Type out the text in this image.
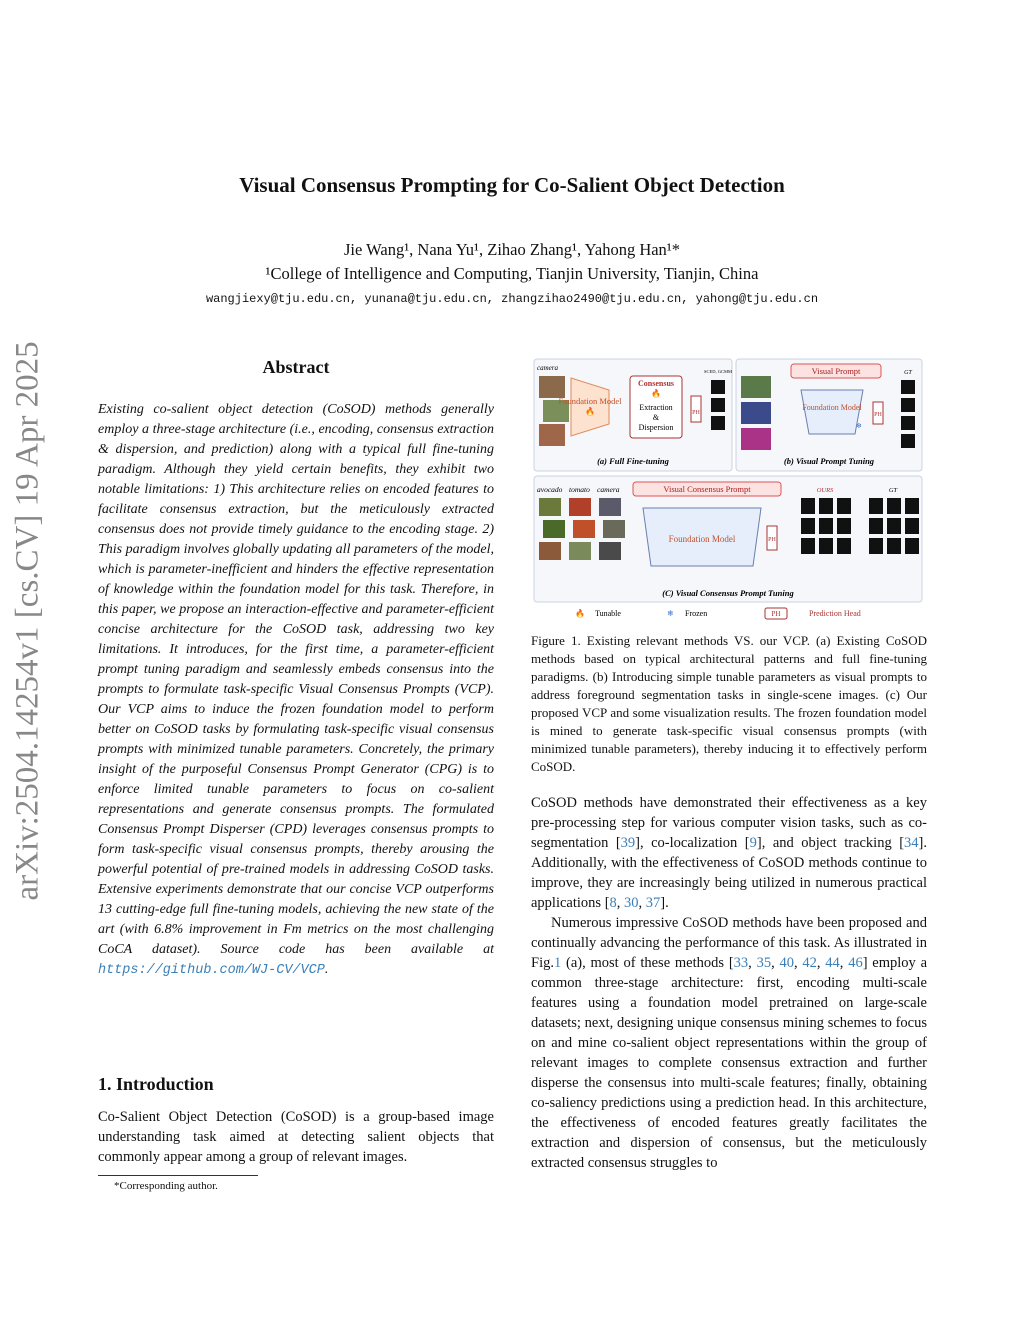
arXiv:2504.14254v1 [cs.CV] 19 Apr 2025
Visual Consensus Prompting for Co-Salient Object Detection
Jie Wang¹, Nana Yu¹, Zihao Zhang¹, Yahong Han¹*
¹College of Intelligence and Computing, Tianjin University, Tianjin, China
wangjiexy@tju.edu.cn, yunana@tju.edu.cn, zhangzihao2490@tju.edu.cn, yahong@tju.edu.cn
Abstract
Existing co-salient object detection (CoSOD) methods generally employ a three-stage architecture (i.e., encoding, consensus extraction & dispersion, and prediction) along with a typical full fine-tuning paradigm. Although they yield certain benefits, they exhibit two notable limitations: 1) This architecture relies on encoded features to facilitate consensus extraction, but the meticulously extracted consensus does not provide timely guidance to the encoding stage. 2) This paradigm involves globally updating all parameters of the model, which is parameter-inefficient and hinders the effective representation of knowledge within the foundation model for this task. Therefore, in this paper, we propose an interaction-effective and parameter-efficient concise architecture for the CoSOD task, addressing two key limitations. It introduces, for the first time, a parameter-efficient prompt tuning paradigm and seamlessly embeds consensus into the prompts to formulate task-specific Visual Consensus Prompts (VCP). Our VCP aims to induce the frozen foundation model to perform better on CoSOD tasks by formulating task-specific visual consensus prompts with minimized tunable parameters. Concretely, the primary insight of the purposeful Consensus Prompt Generator (CPG) is to enforce limited tunable parameters to focus on co-salient representations and generate consensus prompts. The formulated Consensus Prompt Disperser (CPD) leverages consensus prompts to form task-specific visual consensus prompts, thereby arousing the powerful potential of pre-trained models in addressing CoSOD tasks. Extensive experiments demonstrate that our concise VCP outperforms 13 cutting-edge full fine-tuning models, achieving the new state of the art (with 6.8% improvement in Fm metrics on the most challenging CoCA dataset). Source code has been available at https://github.com/WJ-CV/VCP.
1. Introduction
Co-Salient Object Detection (CoSOD) is a group-based image understanding task aimed at detecting salient objects that commonly appear among a group of relevant images.
*Corresponding author.
camera
Foundation Model
🔥
Consensus
🔥
Extraction
&
Dispersion
PH
SCED, GCMM
(a) Full Fine-tuning
Visual Prompt
Foundation Model
❄
PH
GT
(b) Visual Prompt Tuning
avocado tomato camera	Visual Consensus Prompt
Foundation Model	PH
OURS	GT
(C) Visual Consensus Prompt Tuning
🔥 Tunable	❄ Frozen	PH	Prediction Head
Figure 1. Existing relevant methods VS. our VCP. (a) Existing CoSOD methods based on typical architectural patterns and full fine-tuning paradigms. (b) Introducing simple tunable parameters as visual prompts to address foreground segmentation tasks in single-scene images. (c) Our proposed VCP and some visualization results. The frozen foundation model is mined to generate task-specific visual consensus prompts (with minimized tunable parameters), thereby inducing it to effectively perform CoSOD.

CoSOD methods have demonstrated their effectiveness as a key pre-processing step for various computer vision tasks, such as co-segmentation [39], co-localization [9], and object tracking [34]. Additionally, with the effectiveness of CoSOD methods continue to improve, they are increasingly being utilized in numerous practical applications [8, 30, 37].

Numerous impressive CoSOD methods have been proposed and continually advancing the performance of this task. As illustrated in Fig.1 (a), most of these methods [33, 35, 40, 42, 44, 46] employ a common three-stage architecture: first, encoding multi-scale features using a foundation model pretrained on large-scale datasets; next, designing unique consensus mining schemes to focus on and mine co-salient object representations within the group of relevant images to complete consensus extraction and further disperse the consensus into multi-scale features; finally, obtaining co-saliency predictions using a prediction head. In this architecture, the effectiveness of encoded features greatly facilitates the extraction and dispersion of consensus, but the meticulously extracted consensus struggles to
